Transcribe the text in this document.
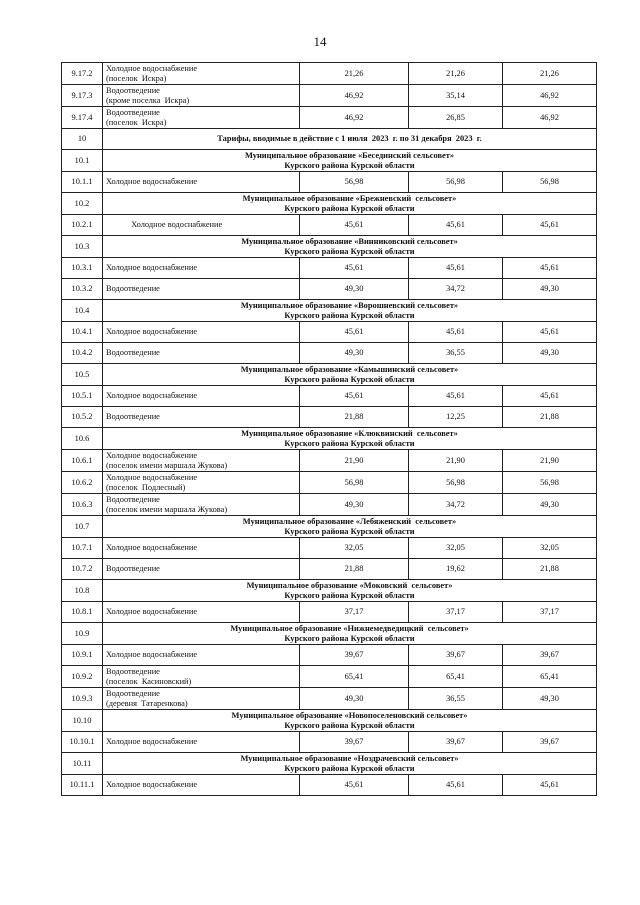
14
9.17.2	Холодное водоснабжение
(поселок  Искра)	21,26	21,26	21,26
9.17.3	Водоотведение
(кроме поселка  Искра)	46,92	35,14	46,92
9.17.4	Водоотведение
(поселок  Искра)	46,92	26,85	46,92
10	Тарифы, вводимые в действие с 1 июля  2023  г. по 31 декабря  2023  г.			

10.1	Муниципальное образование «Бесединский сельсовет»
Курского района Курской области			

10.1.1	Холодное водоснабжение	56,98	56,98	56,98
10.2	Муниципальное образование «Брежневский  сельсовет»
Курского района Курской области			

10.2.1	Холодное водоснабжение	45,61	45,61	45,61
10.3	Муниципальное образование «Винниковский сельсовет»
Курского района Курской области			

10.3.1	Холодное водоснабжение	45,61	45,61	45,61
10.3.2	Водоотведение	49,30	34,72	49,30
10.4	Муниципальное образование «Ворошневский сельсовет»
Курского района Курской области			

10.4.1	Холодное водоснабжение	45,61	45,61	45,61
10.4.2	Водоотведение	49,30	36,55	49,30
10.5	Муниципальное образование «Камышинский сельсовет»
Курского района Курской области			

10.5.1	Холодное водоснабжение	45,61	45,61	45,61
10.5.2	Водоотведение	21,88	12,25	21,88
10.6	Муниципальное образование «Клюквинский  сельсовет»
Курского района Курской области			

10.6.1	Холодное водоснабжение
(поселок имени маршала Жукова)	21,90	21,90	21,90
10.6.2	Холодное водоснабжение
(поселок  Подлесный)	56,98	56,98	56,98
10.6.3	Водоотведение
(поселок имени маршала Жукова)	49,30	34,72	49,30
10.7	Муниципальное образование «Лебяженский  сельсовет»
Курского района Курской области			

10.7.1	Холодное водоснабжение	32,05	32,05	32,05
10.7.2	Водоотведение	21,88	19,62	21,88
10.8	Муниципальное образование «Моковский  сельсовет»
Курского района Курской области			

10.8.1	Холодное водоснабжение	37,17	37,17	37,17
10.9	Муниципальное образование «Нижнемедведицкий  сельсовет»
Курского района Курской области			

10.9.1	Холодное водоснабжение	39,67	39,67	39,67
10.9.2	Водоотведение
(поселок  Касиновский)	65,41	65,41	65,41
10.9.3	Водоотведение
(деревня  Татаренкова)	49,30	36,55	49,30
10.10	Муниципальное образование «Новопоселеновский сельсовет»
Курского района Курской области			

10.10.1	Холодное водоснабжение	39,67	39,67	39,67
10.11	Муниципальное образование «Ноздрачевский сельсовет»
Курского района Курской области			

10.11.1	Холодное водоснабжение	45,61	45,61	45,61
